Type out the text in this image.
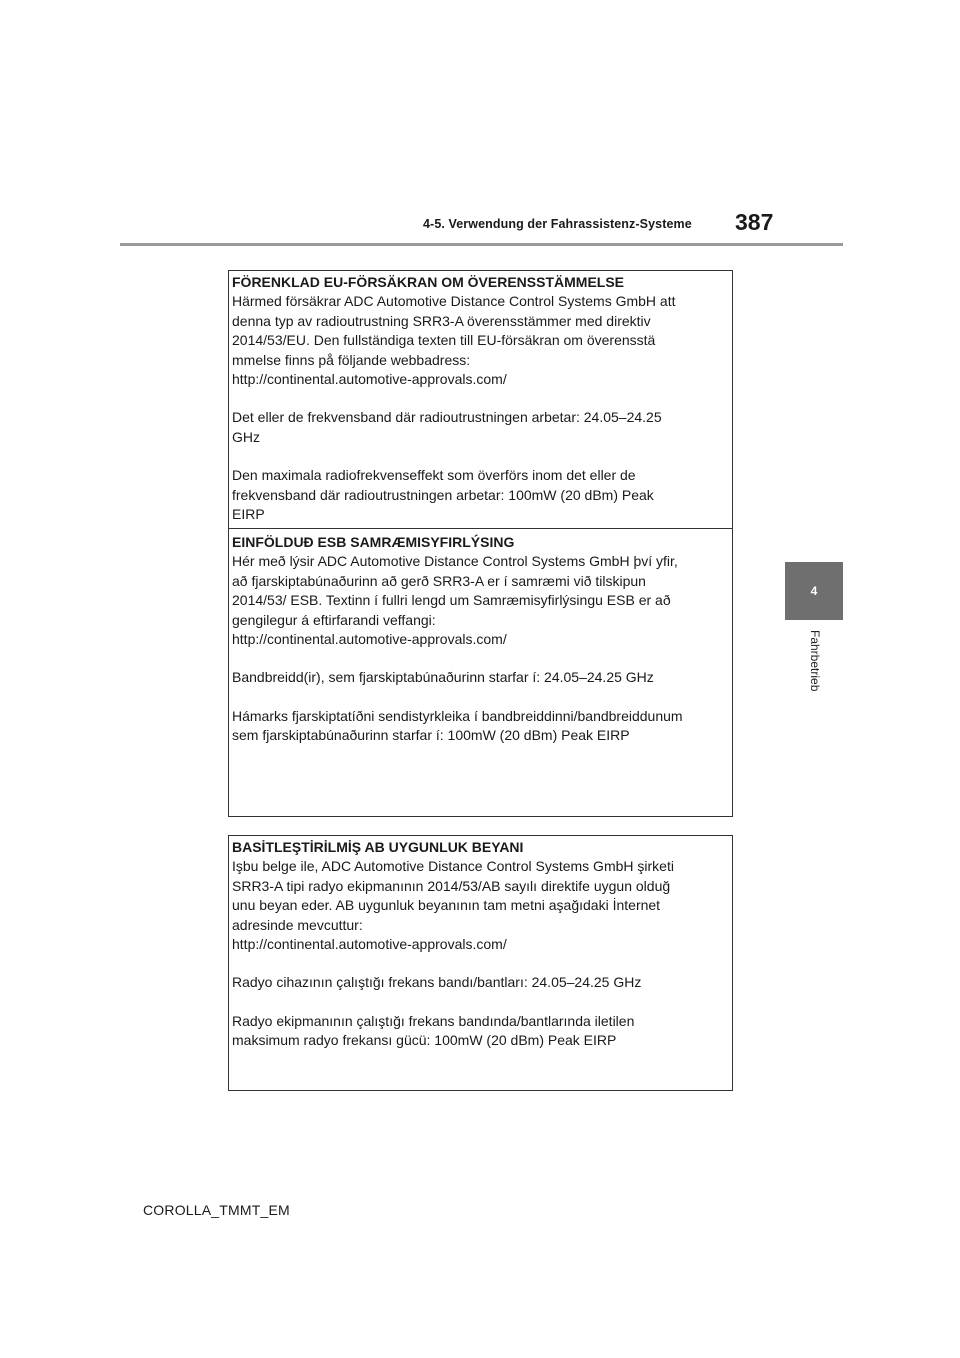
4-5. Verwendung der Fahrassistenz-Systeme	387
4
Fahrbetrieb
FÖRENKLAD EU-FÖRSÄKRAN OM ÖVERENSSTÄMMELSE
Härmed försäkrar ADC Automotive Distance Control Systems GmbH att
denna typ av radioutrustning SRR3-A överensstämmer med direktiv
2014/53/EU. Den fullständiga texten till EU-försäkran om överensstä
mmelse finns på följande webbadress:
http://continental.automotive-approvals.com/
Det eller de frekvensband där radioutrustningen arbetar: 24.05–24.25
GHz
Den maximala radiofrekvenseffekt som överförs inom det eller de
frekvensband där radioutrustningen arbetar: 100mW (20 dBm) Peak
EIRP
EINFÖLDUÐ ESB SAMRÆMISYFIRLÝSING
Hér með lýsir ADC Automotive Distance Control Systems GmbH því yfir,
að fjarskiptabúnaðurinn að gerð SRR3-A er í samræmi við tilskipun
2014/53/ ESB. Textinn í fullri lengd um Samræmisyfirlýsingu ESB er að
gengilegur á eftirfarandi veffangi:
http://continental.automotive-approvals.com/
Bandbreidd(ir), sem fjarskiptabúnaðurinn starfar í: 24.05–24.25 GHz
Hámarks fjarskiptatíðni sendistyrkleika í bandbreiddinni/bandbreiddunum
sem fjarskiptabúnaðurinn starfar í: 100mW (20 dBm) Peak EIRP
BASİTLEŞTİRİLMİŞ AB UYGUNLUK BEYANI
Işbu belge ile, ADC Automotive Distance Control Systems GmbH şirketi
SRR3-A tipi radyo ekipmanının 2014/53/AB sayılı direktife uygun olduğ
unu beyan eder. AB uygunluk beyanının tam metni aşağıdaki İnternet
adresinde mevcuttur:
http://continental.automotive-approvals.com/
Radyo cihazının çalıştığı frekans bandı/bantları: 24.05–24.25 GHz
Radyo ekipmanının çalıştığı frekans bandında/bantlarında iletilen
maksimum radyo frekansı gücü: 100mW (20 dBm) Peak EIRP
COROLLA_TMMT_EM
